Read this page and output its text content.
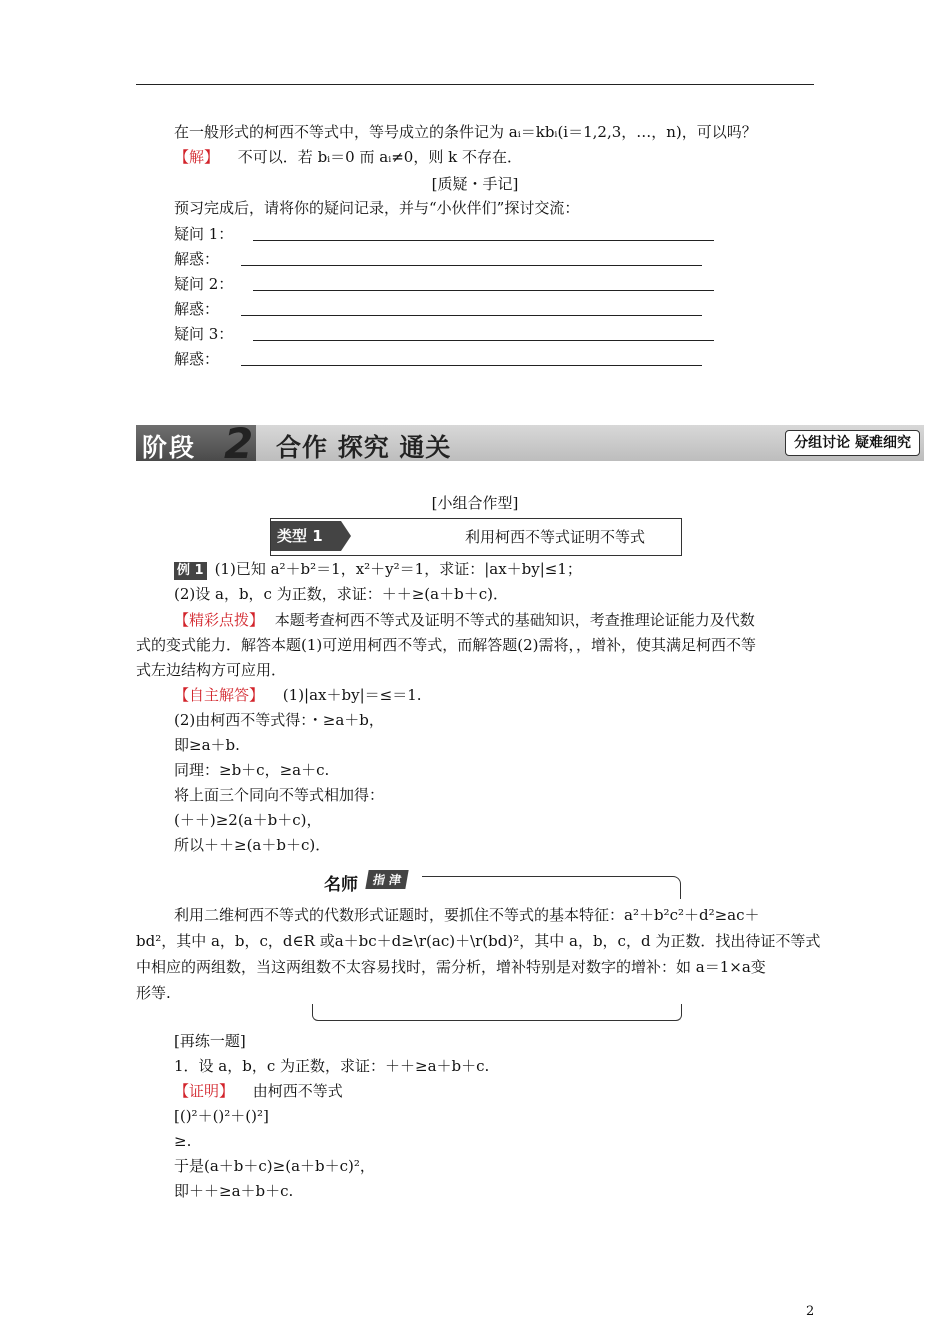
在一般形式的柯西不等式中，等号成立的条件记为 aᵢ＝kbᵢ(i＝1,2,3，…，n)，可以吗？
【解】 不可以．若 bᵢ＝0 而 aᵢ≠0，则 k 不存在．
[质疑・手记]
预习完成后，请将你的疑问记录，并与“小伙伴们”探讨交流：
疑问 1：
解惑：
疑问 2：
解惑：
疑问 3：
解惑：
阶段 2 合作 探究 通关	分组讨论 疑难细究
[小组合作型]
类型 1	利用柯西不等式证明不等式
例 1 (1)已知 a²＋b²＝1，x²＋y²＝1，求证：|ax＋by|≤1；
(2)设 a，b，c 为正数，求证：＋＋≥(a＋b＋c)．
【精彩点拨】 本题考查柯西不等式及证明不等式的基础知识，考查推理论证能力及代数
式的变式能力．解答本题(1)可逆用柯西不等式，而解答题(2)需将，，增补，使其满足柯西不等
式左边结构方可应用．
【自主解答】 (1)|ax＋by|＝≤＝1.
(2)由柯西不等式得：・≥a＋b，
即≥a＋b.
同理：≥b＋c，≥a＋c.
将上面三个同向不等式相加得：
(＋＋)≥2(a＋b＋c)，
所以＋＋≥(a＋b＋c)．
名师	指 津
利用二维柯西不等式的代数形式证题时，要抓住不等式的基本特征：a²＋b²c²＋d²≥ac＋
bd²，其中 a，b，c，d∈R 或a＋bc＋d≥\r(ac)＋\r(bd)²，其中 a，b，c，d 为正数．找出待证不等式
中相应的两组数，当这两组数不太容易找时，需分析，增补特别是对数字的增补：如 a＝1×a变
形等.
[再练一题]
1．设 a，b，c 为正数，求证：＋＋≥a＋b＋c.
【证明】 由柯西不等式
[()²＋()²＋()²]
≥.
于是(a＋b＋c)≥(a＋b＋c)²，
即＋＋≥a＋b＋c.
2
